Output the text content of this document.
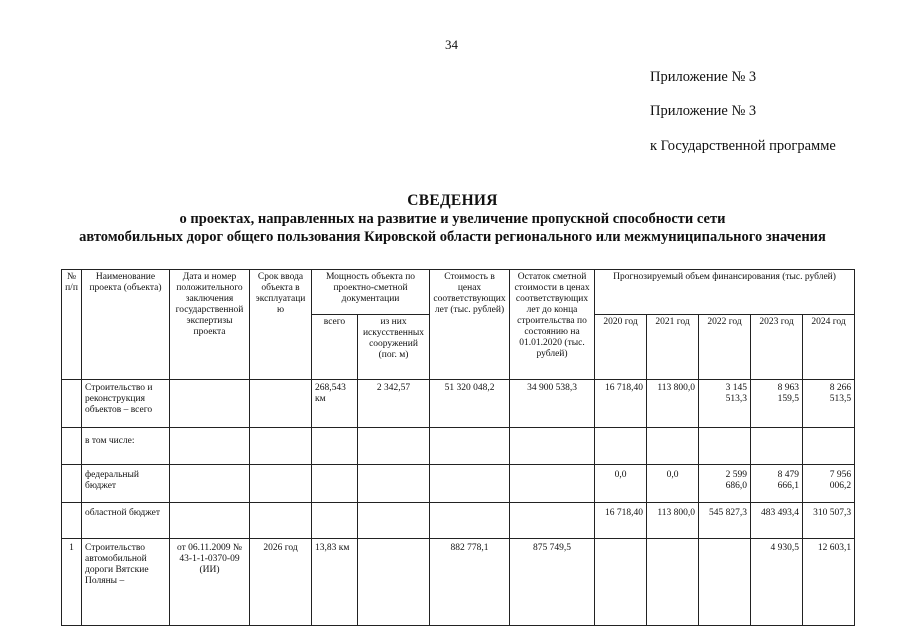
34
Приложение № 3
Приложение № 3
к Государственной программе
СВЕДЕНИЯ
о проектах, направленных на развитие и увеличение пропускной способности сети
автомобильных дорог общего пользования Кировской области регионального или межмуниципального значения
№ п/п	Наименование проекта (объекта)	Дата и номер положительного заключения государственной экспертизы проекта	Срок ввода объекта в эксплуатацию	Мощность объекта по проектно-сметной документации		Стоимость в ценах соответствующих лет (тыс. рублей)	Остаток сметной стоимости в ценах соответствующих лет до конца строительства по состоянию на 01.01.2020 (тыс. рублей)	Прогнозируемый объем финансирования (тыс. рублей)				
				всего	из них искусственных сооружений (пог. м)			2020 год	2021 год	2022 год	2023 год	2024 год
	Строительство и реконструкция объектов – всего			268,543 км	2 342,57	51 320 048,2	34 900 538,3	16 718,40	113 800,0	3 145 513,3	8 963 159,5	8 266 513,5
	в том числе:											
	федеральный бюджет							0,0	0,0	2 599 686,0	8 479 666,1	7 956 006,2
	областной бюджет							16 718,40	113 800,0	545 827,3	483 493,4	310 507,3
1	Строительство автомобильной дороги Вятские Поляны –	от 06.11.2009 № 43-1-1-0370-09 (ИИ)	2026 год	13,83 км		882 778,1	875 749,5				4 930,5	12 603,1
